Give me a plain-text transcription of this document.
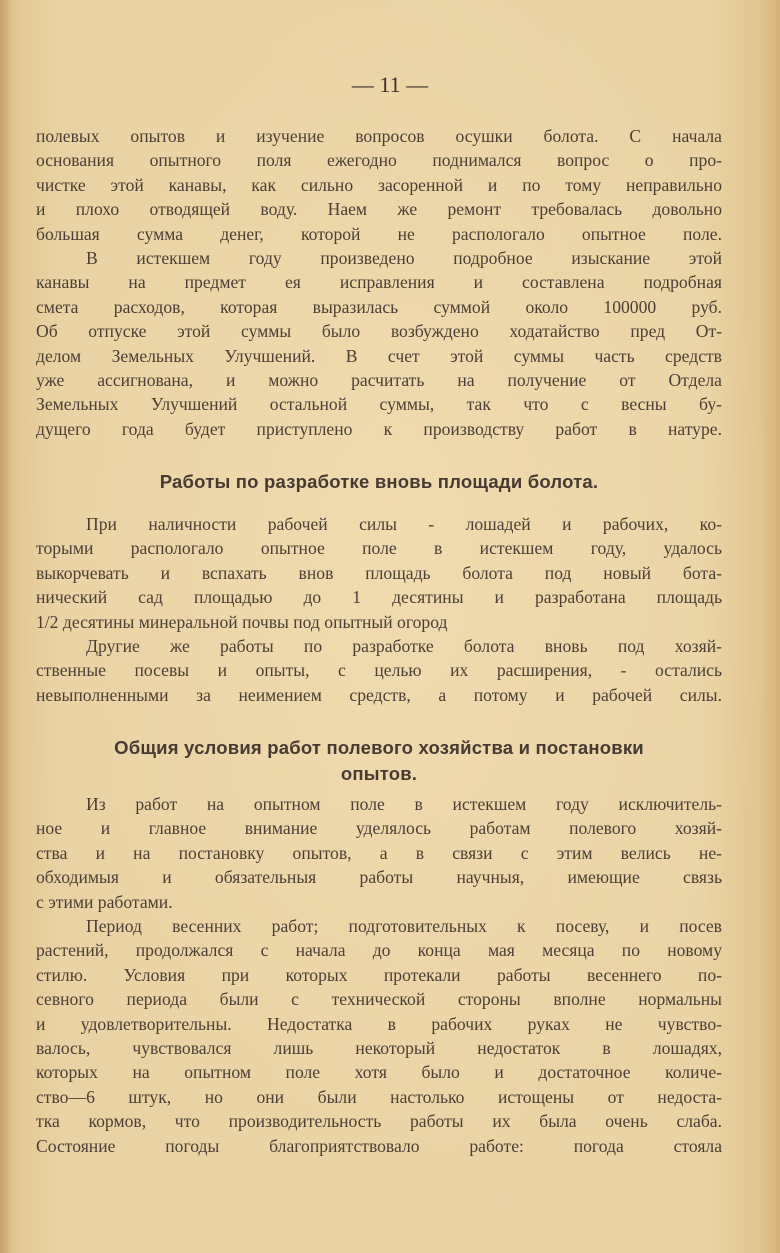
— 11 —

полевых опытов и изучение вопросов осушки болота. С начала

основания опытного поля ежегодно поднимался вопрос о про-

чистке этой канавы, как сильно засоренной и по тому неправильно

и плохо отводящей воду. Наем же ремонт требовалась довольно

большая сумма денег, которой не распологало опытное поле.

В истекшем году произведено подробное изыскание этой

канавы на предмет ея исправления и составлена подробная

смета расходов, которая выразилась суммой около 100000 руб.

Об отпуске этой суммы было возбуждено ходатайство пред От-

делом Земельных Улучшений. В счет этой суммы часть средств

уже ассигнована, и можно расчитать на получение от Отдела

Земельных Улучшений остальной суммы, так что с весны бу-

дущего года будет приступлено к производству работ в натуре.

Работы по разработке вновь площади болота.

При наличности рабочей силы - лошадей и рабочих, ко-

торыми распологало опытное поле в истекшем году, удалось

выкорчевать и вспахать внов площадь болота под новый бота-

нический сад площадью до 1 десятины и разработана площадь

1/2 десятины минеральной почвы под опытный огород

Другие же работы по разработке болота вновь под хозяй-

ственные посевы и опыты, с целью их расширения, - остались

невыполненными за неимением средств, а потому и рабочей силы.

Общия условия работ полевого хозяйства и постановки
опытов.

Из работ на опытном поле в истекшем году исключитель-

ное и главное внимание уделялось работам полевого хозяй-

ства и на постановку опытов, а в связи с этим велись не-

обходимыя и обязательныя работы научныя, имеющие связь

с этими работами.

Период весенних работ; подготовительных к посеву, и посев

растений, продолжался с начала до конца мая месяца по новому

стилю. Условия при которых протекали работы весеннего по-

севного периода были с технической стороны вполне нормальны

и удовлетворительны. Недостатка в рабочих руках не чувство-

валось, чувствовался лишь некоторый недостаток в лошадях,

которых на опытном поле хотя было и достаточное количе-

ство—6 штук, но они были настолько истощены от недоста-

тка кормов, что производительность работы их была очень слаба.

Состояние погоды благоприятствовало работе: погода стояла
